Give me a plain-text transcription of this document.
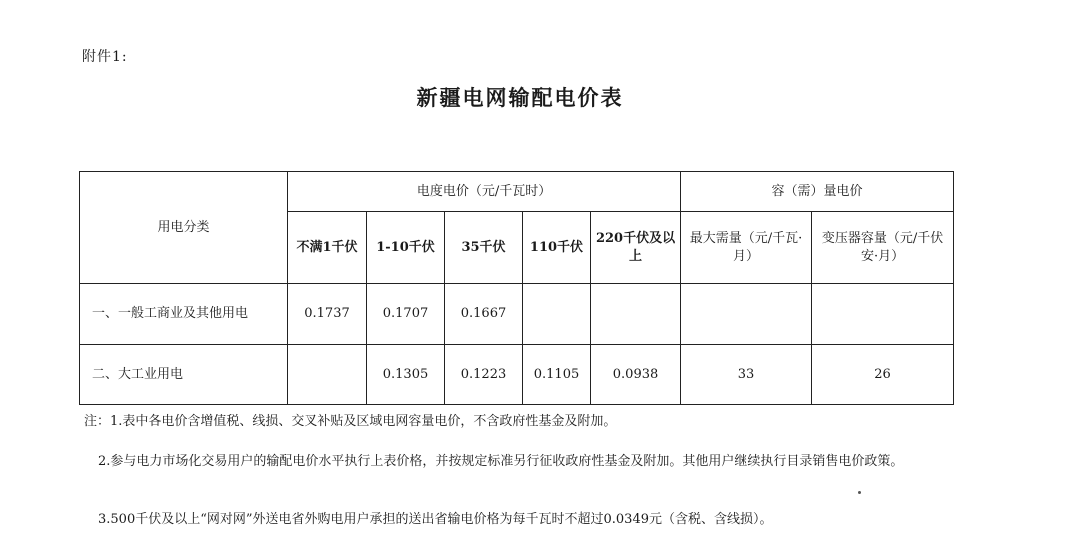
附件1:
新疆电网输配电价表
用电分类	电度电价（元/千瓦时）					容（需）量电价	
	不满1千伏	1-10千伏	35千伏	110千伏	220千伏及以上	最大需量（元/千瓦·月）	变压器容量（元/千伏安·月）
一、一般工商业及其他用电	0.1737	0.1707	0.1667				
二、大工业用电		0.1305	0.1223	0.1105	0.0938	33	26
注：1.表中各电价含增值税、线损、交叉补贴及区域电网容量电价，不含政府性基金及附加。
2.参与电力市场化交易用户的输配电价水平执行上表价格，并按规定标准另行征收政府性基金及附加。其他用户继续执行目录销售电价政策。
3.500千伏及以上“网对网”外送电省外购电用户承担的送出省输电价格为每千瓦时不超过0.0349元（含税、含线损）。
